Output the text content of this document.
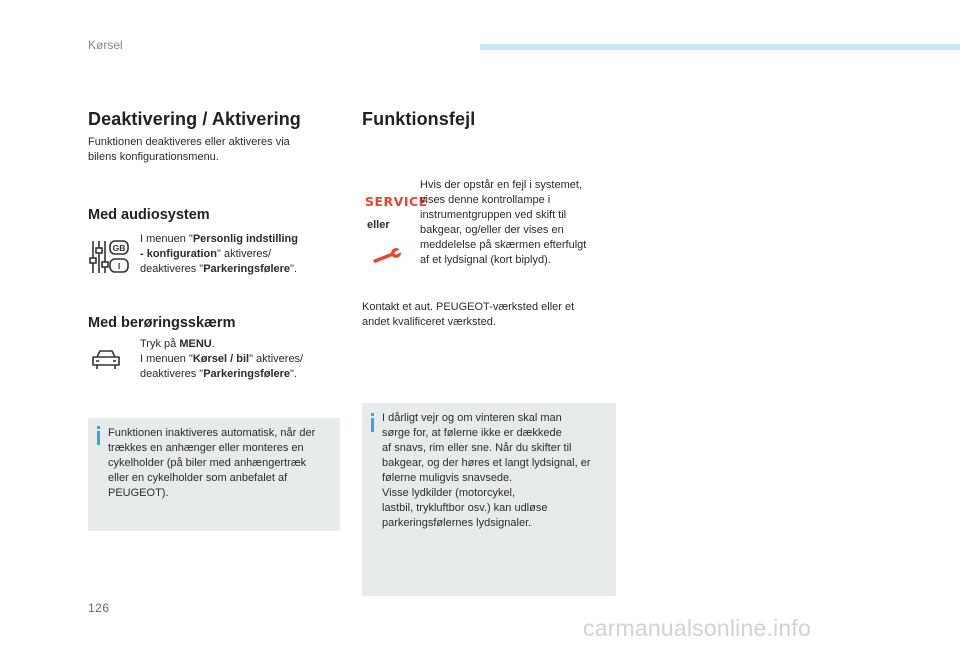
Kørsel
Deaktivering / Aktivering

Funktionen deaktiveres eller aktiveres via

bilens konfigurationsmenu.

Med audiosystem
GB
I

I menuen "Personlig indstilling

- konfiguration" aktiveres/

deaktiveres "Parkeringsfølere".

Med berøringsskærm

Tryk på MENU.

I menuen "Kørsel / bil" aktiveres/

deaktiveres "Parkeringsfølere".

Funktionen inaktiveres automatisk, når der

trækkes en anhænger eller monteres en

cykelholder (på biler med anhængertræk

eller en cykelholder som anbefalet af

PEUGEOT).

Funktionsfejl
SERVICE
eller

Hvis der opstår en fejl i systemet,

vises denne kontrollampe i

instrumentgruppen ved skift til

bakgear, og/eller der vises en

meddelelse på skærmen efterfulgt

af et lydsignal (kort biplyd).

Kontakt et aut. PEUGEOT-værksted eller et

andet kvalificeret værksted.

I dårligt vejr og om vinteren skal man

sørge for, at følerne ikke er dækkede

af snavs, rim eller sne. Når du skifter til

bakgear, og der høres et langt lydsignal, er

følerne muligvis snavsede.

Visse lydkilder (motorcykel,

lastbil, trykluftbor osv.) kan udløse

parkeringsfølernes lydsignaler.

126
carmanualsonline.info
